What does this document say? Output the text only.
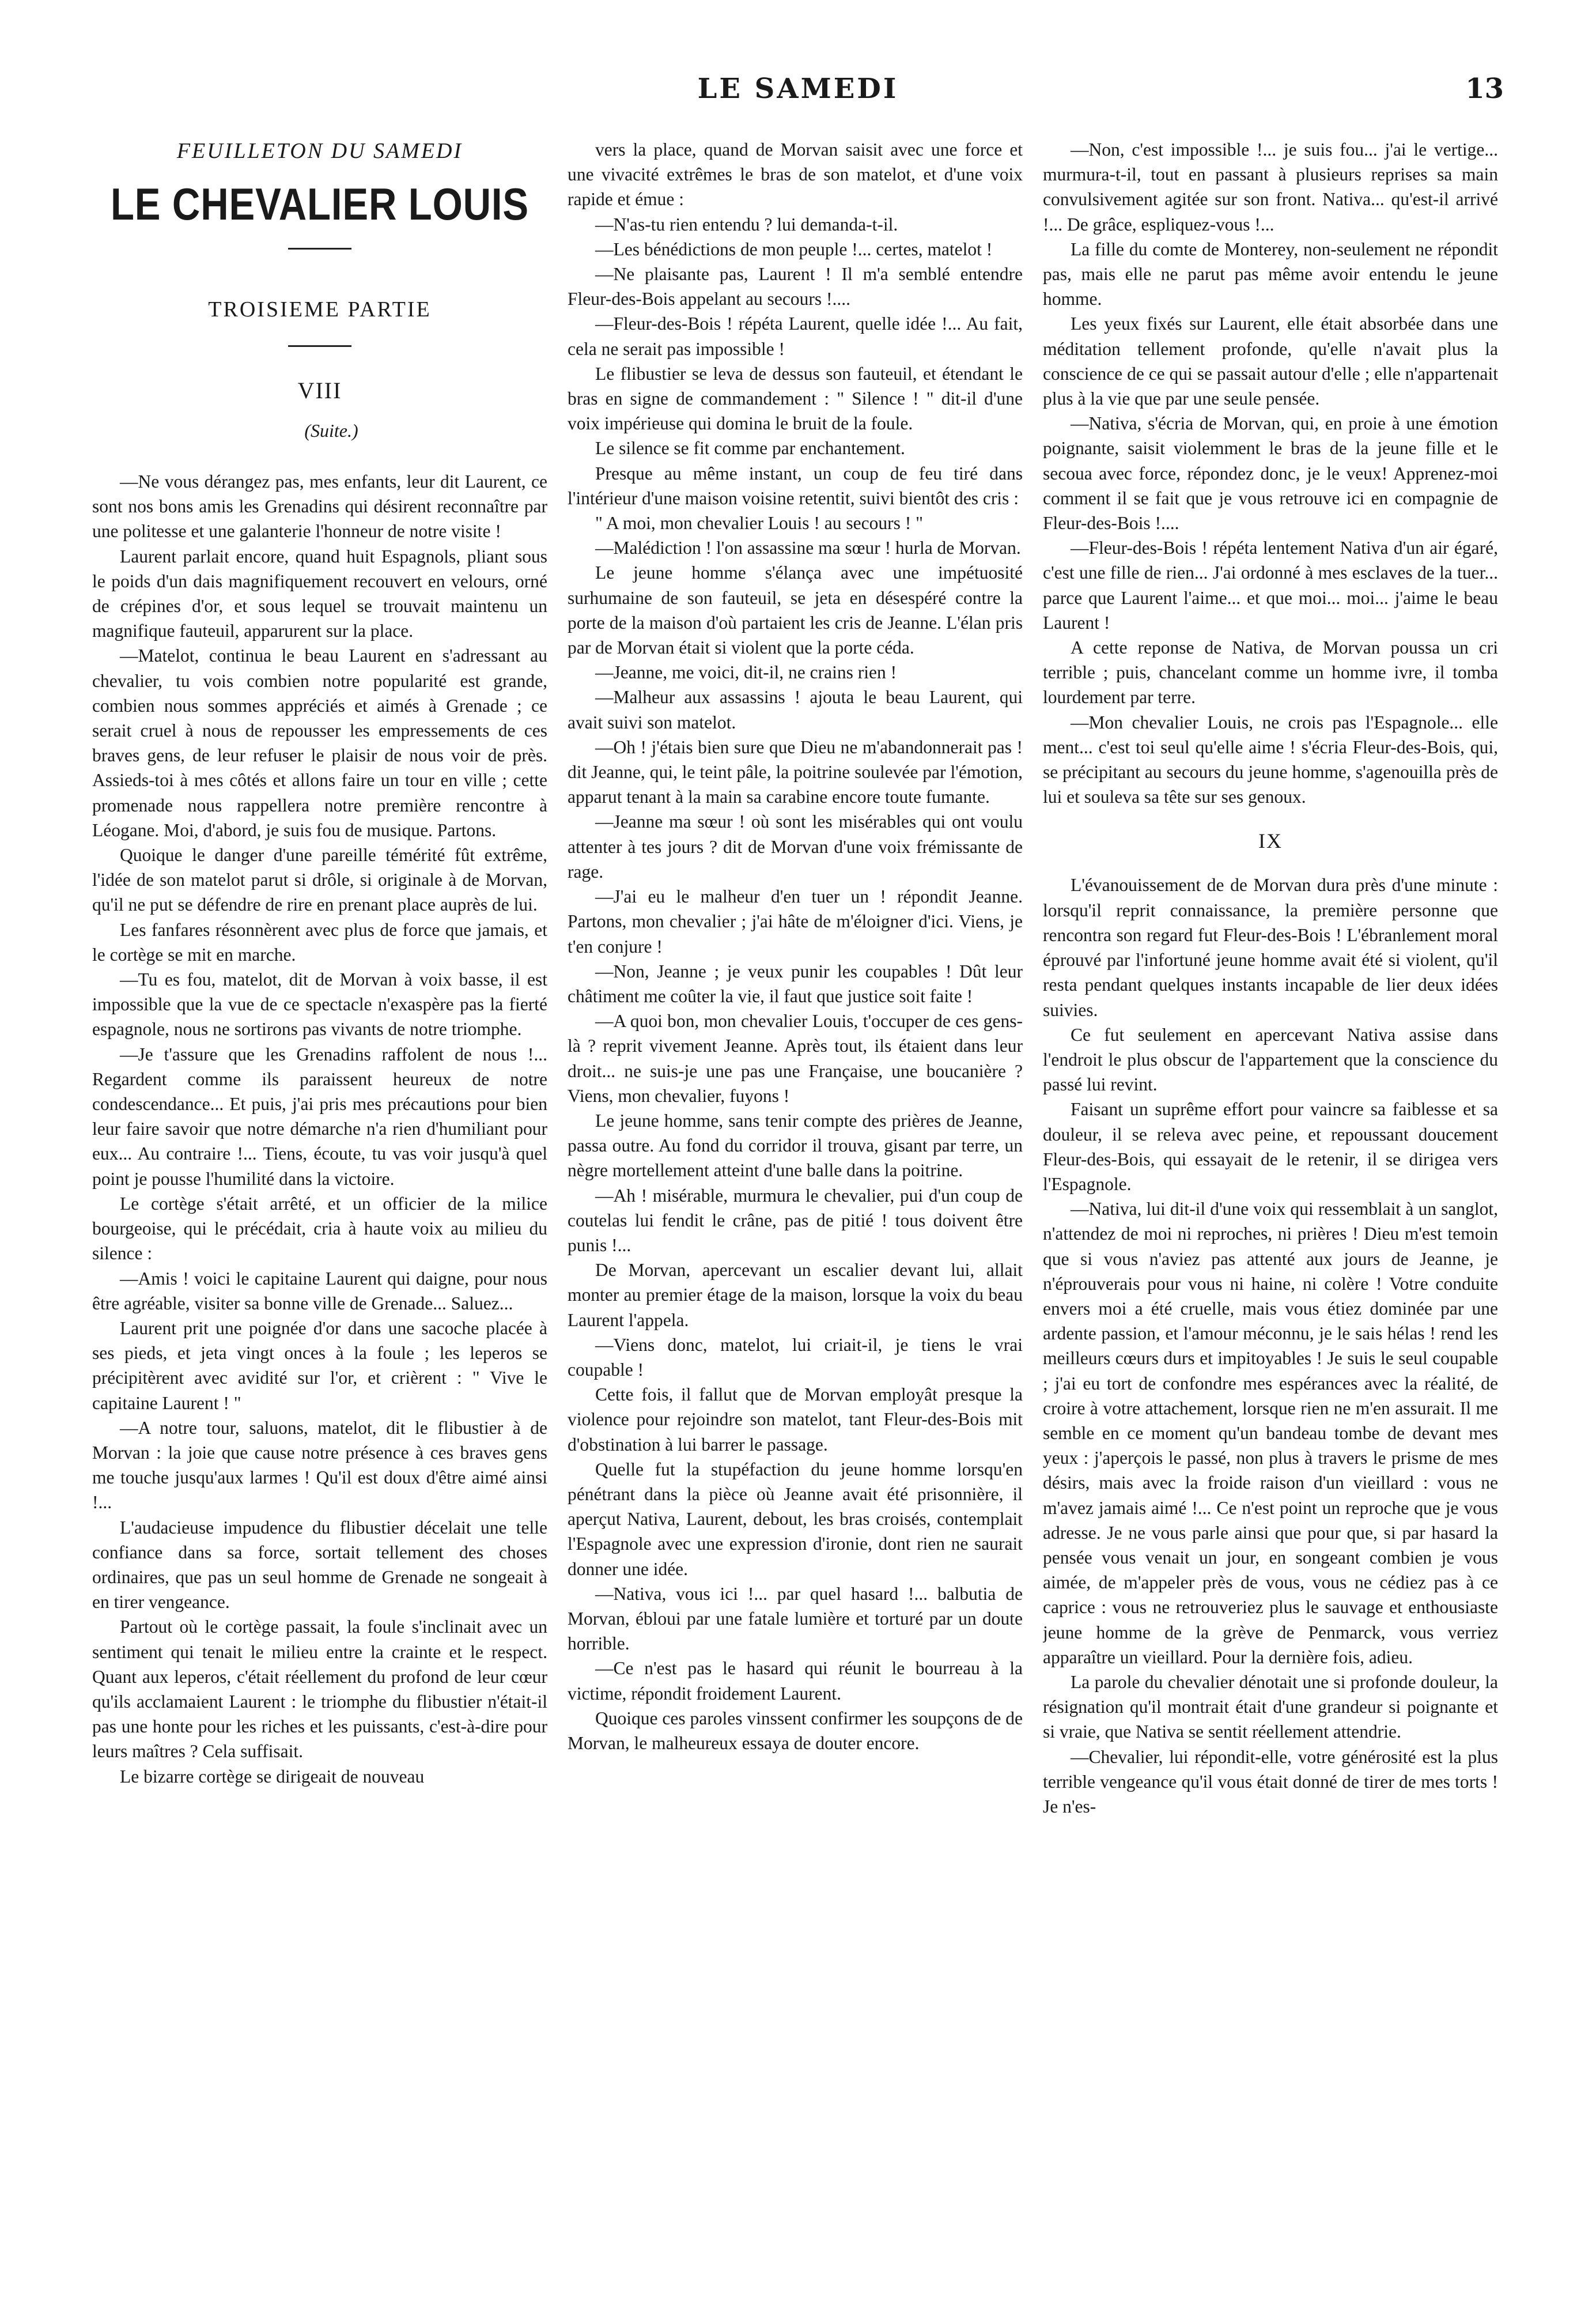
LE SAMEDI	13
FEUILLETON DU SAMEDI
LE CHEVALIER LOUIS
TROISIEME PARTIE
VIII
(Suite.)

—Ne vous dérangez pas, mes enfants, leur dit Laurent, ce sont nos bons amis les Grenadins qui désirent reconnaître par une politesse et une galanterie l'honneur de notre visite !

Laurent parlait encore, quand huit Espagnols, pliant sous le poids d'un dais magnifiquement recouvert en velours, orné de crépines d'or, et sous lequel se trouvait maintenu un magnifique fauteuil, apparurent sur la place.

—Matelot, continua le beau Laurent en s'adressant au chevalier, tu vois combien notre popularité est grande, combien nous sommes appréciés et aimés à Grenade ; ce serait cruel à nous de repousser les empressements de ces braves gens, de leur refuser le plaisir de nous voir de près. Assieds-toi à mes côtés et allons faire un tour en ville ; cette promenade nous rappellera notre première rencontre à Léogane. Moi, d'abord, je suis fou de musique. Partons.

Quoique le danger d'une pareille témérité fût extrême, l'idée de son matelot parut si drôle, si originale à de Morvan, qu'il ne put se défendre de rire en prenant place auprès de lui.

Les fanfares résonnèrent avec plus de force que jamais, et le cortège se mit en marche.

—Tu es fou, matelot, dit de Morvan à voix basse, il est impossible que la vue de ce spectacle n'exaspère pas la fierté espagnole, nous ne sortirons pas vivants de notre triomphe.

—Je t'assure que les Grenadins raffolent de nous !... Regardent comme ils paraissent heureux de notre condescendance... Et puis, j'ai pris mes précautions pour bien leur faire savoir que notre démarche n'a rien d'humiliant pour eux... Au contraire !... Tiens, écoute, tu vas voir jusqu'à quel point je pousse l'humilité dans la victoire.

Le cortège s'était arrêté, et un officier de la milice bourgeoise, qui le précédait, cria à haute voix au milieu du silence :

—Amis ! voici le capitaine Laurent qui daigne, pour nous être agréable, visiter sa bonne ville de Grenade... Saluez...

Laurent prit une poignée d'or dans une sacoche placée à ses pieds, et jeta vingt onces à la foule ; les leperos se précipitèrent avec avidité sur l'or, et crièrent : " Vive le capitaine Laurent ! "

—A notre tour, saluons, matelot, dit le flibustier à de Morvan : la joie que cause notre présence à ces braves gens me touche jusqu'aux larmes ! Qu'il est doux d'être aimé ainsi !...

L'audacieuse impudence du flibustier décelait une telle confiance dans sa force, sortait tellement des choses ordinaires, que pas un seul homme de Grenade ne songeait à en tirer vengeance.

Partout où le cortège passait, la foule s'inclinait avec un sentiment qui tenait le milieu entre la crainte et le respect. Quant aux leperos, c'était réellement du profond de leur cœur qu'ils acclamaient Laurent : le triomphe du flibustier n'était-il pas une honte pour les riches et les puissants, c'est-à-dire pour leurs maîtres ? Cela suffisait.

Le bizarre cortège se dirigeait de nouveau

vers la place, quand de Morvan saisit avec une force et une vivacité extrêmes le bras de son matelot, et d'une voix rapide et émue :

—N'as-tu rien entendu ? lui demanda-t-il.

—Les bénédictions de mon peuple !... certes, matelot !

—Ne plaisante pas, Laurent ! Il m'a semblé entendre Fleur-des-Bois appelant au secours !....

—Fleur-des-Bois ! répéta Laurent, quelle idée !... Au fait, cela ne serait pas impossible !

Le flibustier se leva de dessus son fauteuil, et étendant le bras en signe de commandement : " Silence ! " dit-il d'une voix impérieuse qui domina le bruit de la foule.

Le silence se fit comme par enchantement.

Presque au même instant, un coup de feu tiré dans l'intérieur d'une maison voisine retentit, suivi bientôt des cris :

" A moi, mon chevalier Louis ! au secours ! "

—Malédiction ! l'on assassine ma sœur ! hurla de Morvan.

Le jeune homme s'élança avec une impétuosité surhumaine de son fauteuil, se jeta en désespéré contre la porte de la maison d'où partaient les cris de Jeanne. L'élan pris par de Morvan était si violent que la porte céda.

—Jeanne, me voici, dit-il, ne crains rien !

—Malheur aux assassins ! ajouta le beau Laurent, qui avait suivi son matelot.

—Oh ! j'étais bien sure que Dieu ne m'abandonnerait pas ! dit Jeanne, qui, le teint pâle, la poitrine soulevée par l'émotion, apparut tenant à la main sa carabine encore toute fumante.

—Jeanne ma sœur ! où sont les misérables qui ont voulu attenter à tes jours ? dit de Morvan d'une voix frémissante de rage.

—J'ai eu le malheur d'en tuer un ! répondit Jeanne. Partons, mon chevalier ; j'ai hâte de m'éloigner d'ici. Viens, je t'en conjure !

—Non, Jeanne ; je veux punir les coupables ! Dût leur châtiment me coûter la vie, il faut que justice soit faite !

—A quoi bon, mon chevalier Louis, t'occuper de ces gens-là ? reprit vivement Jeanne. Après tout, ils étaient dans leur droit... ne suis-je une pas une Française, une boucanière ? Viens, mon chevalier, fuyons !

Le jeune homme, sans tenir compte des prières de Jeanne, passa outre. Au fond du corridor il trouva, gisant par terre, un nègre mortellement atteint d'une balle dans la poitrine.

—Ah ! misérable, murmura le chevalier, pui d'un coup de coutelas lui fendit le crâne, pas de pitié ! tous doivent être punis !...

De Morvan, apercevant un escalier devant lui, allait monter au premier étage de la maison, lorsque la voix du beau Laurent l'appela.

—Viens donc, matelot, lui criait-il, je tiens le vrai coupable !

Cette fois, il fallut que de Morvan employât presque la violence pour rejoindre son matelot, tant Fleur-des-Bois mit d'obstination à lui barrer le passage.

Quelle fut la stupéfaction du jeune homme lorsqu'en pénétrant dans la pièce où Jeanne avait été prisonnière, il aperçut Nativa, Laurent, debout, les bras croisés, contemplait l'Espagnole avec une expression d'ironie, dont rien ne saurait donner une idée.

—Nativa, vous ici !... par quel hasard !... balbutia de Morvan, ébloui par une fatale lumière et torturé par un doute horrible.

—Ce n'est pas le hasard qui réunit le bourreau à la victime, répondit froidement Laurent.

Quoique ces paroles vinssent confirmer les soupçons de de Morvan, le malheureux essaya de douter encore.

—Non, c'est impossible !... je suis fou... j'ai le vertige... murmura-t-il, tout en passant à plusieurs reprises sa main convulsivement agitée sur son front. Nativa... qu'est-il arrivé !... De grâce, espliquez-vous !...

La fille du comte de Monterey, non-seulement ne répondit pas, mais elle ne parut pas même avoir entendu le jeune homme.

Les yeux fixés sur Laurent, elle était absorbée dans une méditation tellement profonde, qu'elle n'avait plus la conscience de ce qui se passait autour d'elle ; elle n'appartenait plus à la vie que par une seule pensée.

—Nativa, s'écria de Morvan, qui, en proie à une émotion poignante, saisit violemment le bras de la jeune fille et le secoua avec force, répondez donc, je le veux! Apprenez-moi comment il se fait que je vous retrouve ici en compagnie de Fleur-des-Bois !....

—Fleur-des-Bois ! répéta lentement Nativa d'un air égaré, c'est une fille de rien... J'ai ordonné à mes esclaves de la tuer... parce que Laurent l'aime... et que moi... moi... j'aime le beau Laurent !

A cette reponse de Nativa, de Morvan poussa un cri terrible ; puis, chancelant comme un homme ivre, il tomba lourdement par terre.

—Mon chevalier Louis, ne crois pas l'Espagnole... elle ment... c'est toi seul qu'elle aime ! s'écria Fleur-des-Bois, qui, se précipitant au secours du jeune homme, s'agenouilla près de lui et souleva sa tête sur ses genoux.

IX

L'évanouissement de de Morvan dura près d'une minute : lorsqu'il reprit connaissance, la première personne que rencontra son regard fut Fleur-des-Bois ! L'ébranlement moral éprouvé par l'infortuné jeune homme avait été si violent, qu'il resta pendant quelques instants incapable de lier deux idées suivies.

Ce fut seulement en apercevant Nativa assise dans l'endroit le plus obscur de l'appartement que la conscience du passé lui revint.

Faisant un suprême effort pour vaincre sa faiblesse et sa douleur, il se releva avec peine, et repoussant doucement Fleur-des-Bois, qui essayait de le retenir, il se dirigea vers l'Espagnole.

—Nativa, lui dit-il d'une voix qui ressemblait à un sanglot, n'attendez de moi ni reproches, ni prières ! Dieu m'est temoin que si vous n'aviez pas attenté aux jours de Jeanne, je n'éprouverais pour vous ni haine, ni colère ! Votre conduite envers moi a été cruelle, mais vous étiez dominée par une ardente passion, et l'amour méconnu, je le sais hélas ! rend les meilleurs cœurs durs et impitoyables ! Je suis le seul coupable ; j'ai eu tort de confondre mes espérances avec la réalité, de croire à votre attachement, lorsque rien ne m'en assurait. Il me semble en ce moment qu'un bandeau tombe de devant mes yeux : j'aperçois le passé, non plus à travers le prisme de mes désirs, mais avec la froide raison d'un vieillard : vous ne m'avez jamais aimé !... Ce n'est point un reproche que je vous adresse. Je ne vous parle ainsi que pour que, si par hasard la pensée vous venait un jour, en songeant combien je vous aimée, de m'appeler près de vous, vous ne cédiez pas à ce caprice : vous ne retrouveriez plus le sauvage et enthousiaste jeune homme de la grève de Penmarck, vous verriez apparaître un vieillard. Pour la dernière fois, adieu.

La parole du chevalier dénotait une si profonde douleur, la résignation qu'il montrait était d'une grandeur si poignante et si vraie, que Nativa se sentit réellement attendrie.

—Chevalier, lui répondit-elle, votre générosité est la plus terrible vengeance qu'il vous était donné de tirer de mes torts ! Je n'es-
